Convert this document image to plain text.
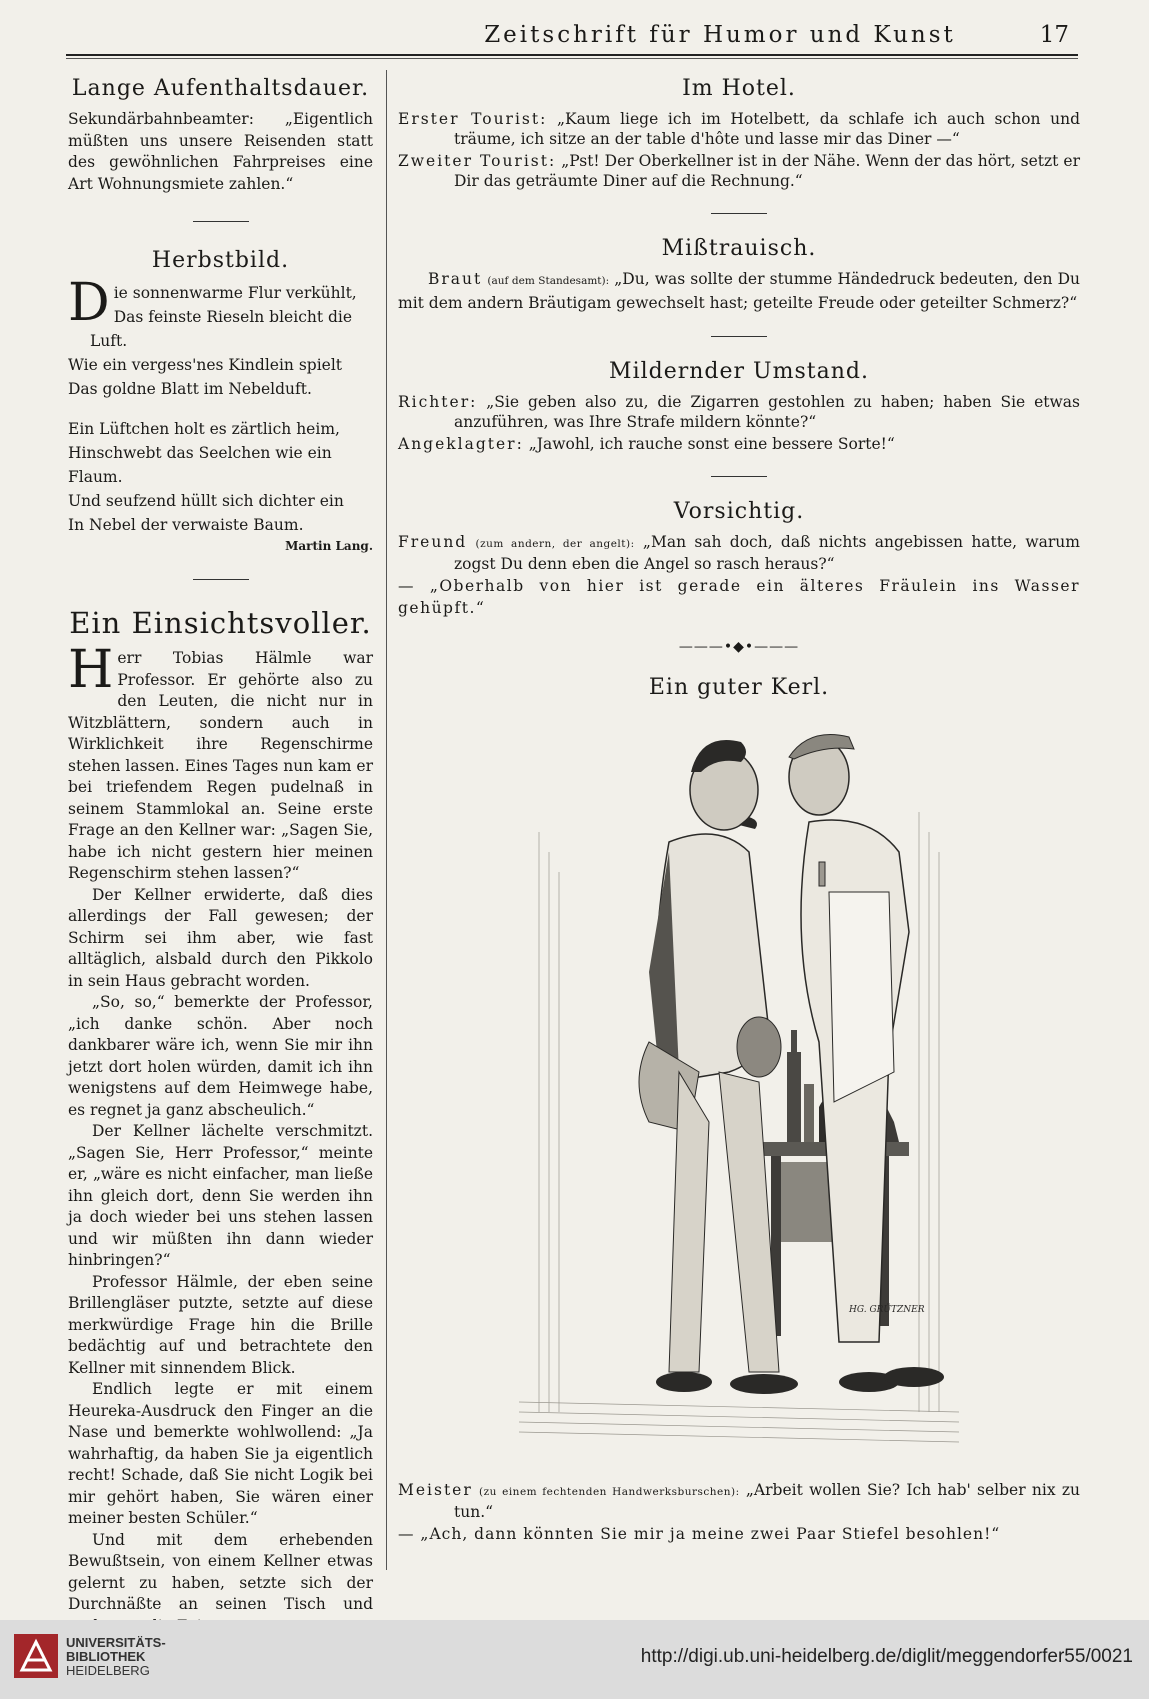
Zeitschrift für Humor und Kunst	17
Lange Aufenthaltsdauer.

Sekundärbahnbeamter: „Eigentlich müßten uns unsere Reisenden statt des gewöhnlichen Fahrpreises eine Art Wohnungsmiete zahlen.“

Herbstbild.
D ie sonnenwarme Flur verkühlt,

Das feinste Rieseln bleicht die Luft.

Wie ein vergess'nes Kindlein spielt

Das goldne Blatt im Nebelduft.

Ein Lüftchen holt es zärtlich heim,

Hinschwebt das Seelchen wie ein Flaum.

Und seufzend hüllt sich dichter ein

In Nebel der verwaiste Baum.

Martin Lang.

Ein Einsichtsvoller.
H err Tobias Hälmle war Professor. Er gehörte also zu den Leuten, die nicht nur in Witzblättern, sondern auch in Wirklichkeit ihre Regenschirme stehen lassen. Eines Tages nun kam er bei triefendem Regen pudelnaß in seinem Stammlokal an. Seine erste Frage an den Kellner war: „Sagen Sie, habe ich nicht gestern hier meinen Regenschirm stehen lassen?“

Der Kellner erwiderte, daß dies allerdings der Fall gewesen; der Schirm sei ihm aber, wie fast alltäglich, alsbald durch den Pikkolo in sein Haus gebracht worden.

„So, so,“ bemerkte der Professor, „ich danke schön. Aber noch dankbarer wäre ich, wenn Sie mir ihn jetzt dort holen würden, damit ich ihn wenigstens auf dem Heimwege habe, es regnet ja ganz abscheulich.“

Der Kellner lächelte verschmitzt. „Sagen Sie, Herr Professor,“ meinte er, „wäre es nicht einfacher, man ließe ihn gleich dort, denn Sie werden ihn ja doch wieder bei uns stehen lassen und wir müßten ihn dann wieder hinbringen?“

Professor Hälmle, der eben seine Brillengläser putzte, setzte auf diese merkwürdige Frage hin die Brille bedächtig auf und betrachtete den Kellner mit sinnendem Blick.

Endlich legte er mit einem Heureka-Ausdruck den Finger an die Nase und bemerkte wohlwollend: „Ja wahrhaftig, da haben Sie ja eigentlich recht! Schade, daß Sie nicht Logik bei mir gehört haben, Sie wären einer meiner besten Schüler.“

Und mit dem erhebenden Bewußtsein, von einem Kellner etwas gelernt zu haben, setzte sich der Durchnäßte an seinen Tisch und

Im Hotel.

Erster Tourist: „Kaum liege ich im Hotelbett, da schlafe ich auch schon und träume, ich sitze an der table d'hôte und lasse mir das Diner —“

Zweiter Tourist: „Pst! Der Oberkellner ist in der Nähe. Wenn der das hört, setzt er Dir das geträumte Diner auf die Rechnung.“

Mißtrauisch.

Braut (auf dem Standesamt): „Du, was sollte der stumme Händedruck bedeuten, den Du mit dem andern Bräutigam gewechselt hast; geteilte Freude oder geteilter Schmerz?“

Mildernder Umstand.

Richter: „Sie geben also zu, die Zigarren gestohlen zu haben; haben Sie etwas anzuführen, was Ihre Strafe mildern könnte?“

Angeklagter: „Jawohl, ich rauche sonst eine bessere Sorte!“

Vorsichtig.

Freund (zum andern, der angelt): „Man sah doch, daß nichts angebissen hatte, warum zogst Du denn eben die Angel so rasch heraus?“

— „Oberhalb von hier ist gerade ein älteres Fräulein ins Wasser gehüpft.“

———•◆•———
Ein guter Kerl.
HG. GRÜTZNER

Meister (zu einem fechtenden Handwerksburschen): „Arbeit wollen Sie? Ich hab' selber nix zu tun.“

— „Ach, dann könnten Sie mir ja meine zwei Paar Stiefel besohlen!“

UNIVERSITÄTS-
BIBLIOTHEK
HEIDELBERG
http://digi.ub.uni-heidelberg.de/diglit/meggendorfer55/0021
